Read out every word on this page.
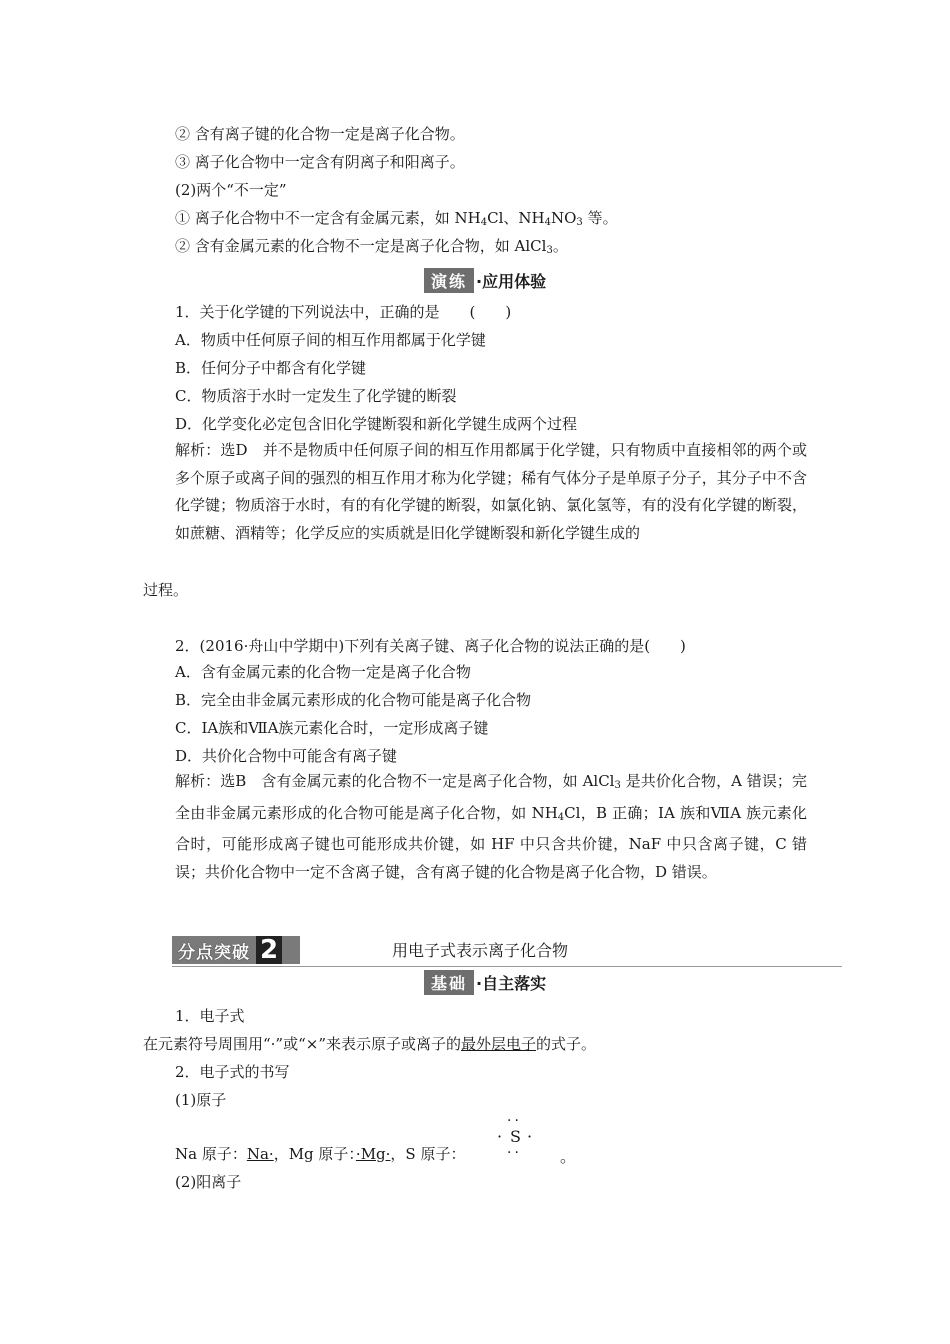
② 含有离子键的化合物一定是离子化合物。
③ 离子化合物中一定含有阴离子和阳离子。
(2)两个“不一定”
① 离子化合物中不一定含有金属元素，如 $NH_4Cl$、$NH_4NO_3$ 等。
② 含有金属元素的化合物不一定是离子化合物，如 AlCl$_3$。
演练 ·应用体验
1．关于化学键的下列说法中，正确的是　　(　　)
A．物质中任何原子间的相互作用都属于化学键
B．任何分子中都含有化学键
C．物质溶于水时一定发生了化学键的断裂
D．化学变化必定包含旧化学键断裂和新化学键生成两个过程
解析：选D　并不是物质中任何原子间的相互作用都属于化学键，只有物质中直接相邻的两个或多个原子或离子间的强烈的相互作用才称为化学键；稀有气体分子是单原子分子，其分子中不含化学键；物质溶于水时，有的有化学键的断裂，如氯化钠、氯化氢等，有的没有化学键的断裂，如蔗糖、酒精等；化学反应的实质就是旧化学键断裂和新化学键生成的
过程。
2．(2016·舟山中学期中)下列有关离子键、离子化合物的说法正确的是(　　)
A．含有金属元素的化合物一定是离子化合物
B．完全由非金属元素形成的化合物可能是离子化合物
C．ⅠA族和ⅦA族元素化合时，一定形成离子键
D．共价化合物中可能含有离子键
解析：选B　含有金属元素的化合物不一定是离子化合物，如 AlCl$_3$ 是共价化合物，A 错误；完全由非金属元素形成的化合物可能是离子化合物，如 $NH_4Cl$，B 正确；ⅠA 族和ⅦA 族元素化合时，可能形成离子键也可能形成共价键，如 HF 中只含共价键，NaF 中只含离子键，C 错误；共价化合物中一定不含离子键，含有离子键的化合物是离子化合物，D 错误。
分点突破 2	用电子式表示离子化合物
基础 ·自主落实
1．电子式
在元素符号周围用“·”或“×”来表示原子或离子的最外层电子的式子。
2．电子式的书写
(1)原子
Na 原子：Na·，Mg 原子：·Mg·，S 原子：
··
· S ·
·· 。
(2)阳离子
